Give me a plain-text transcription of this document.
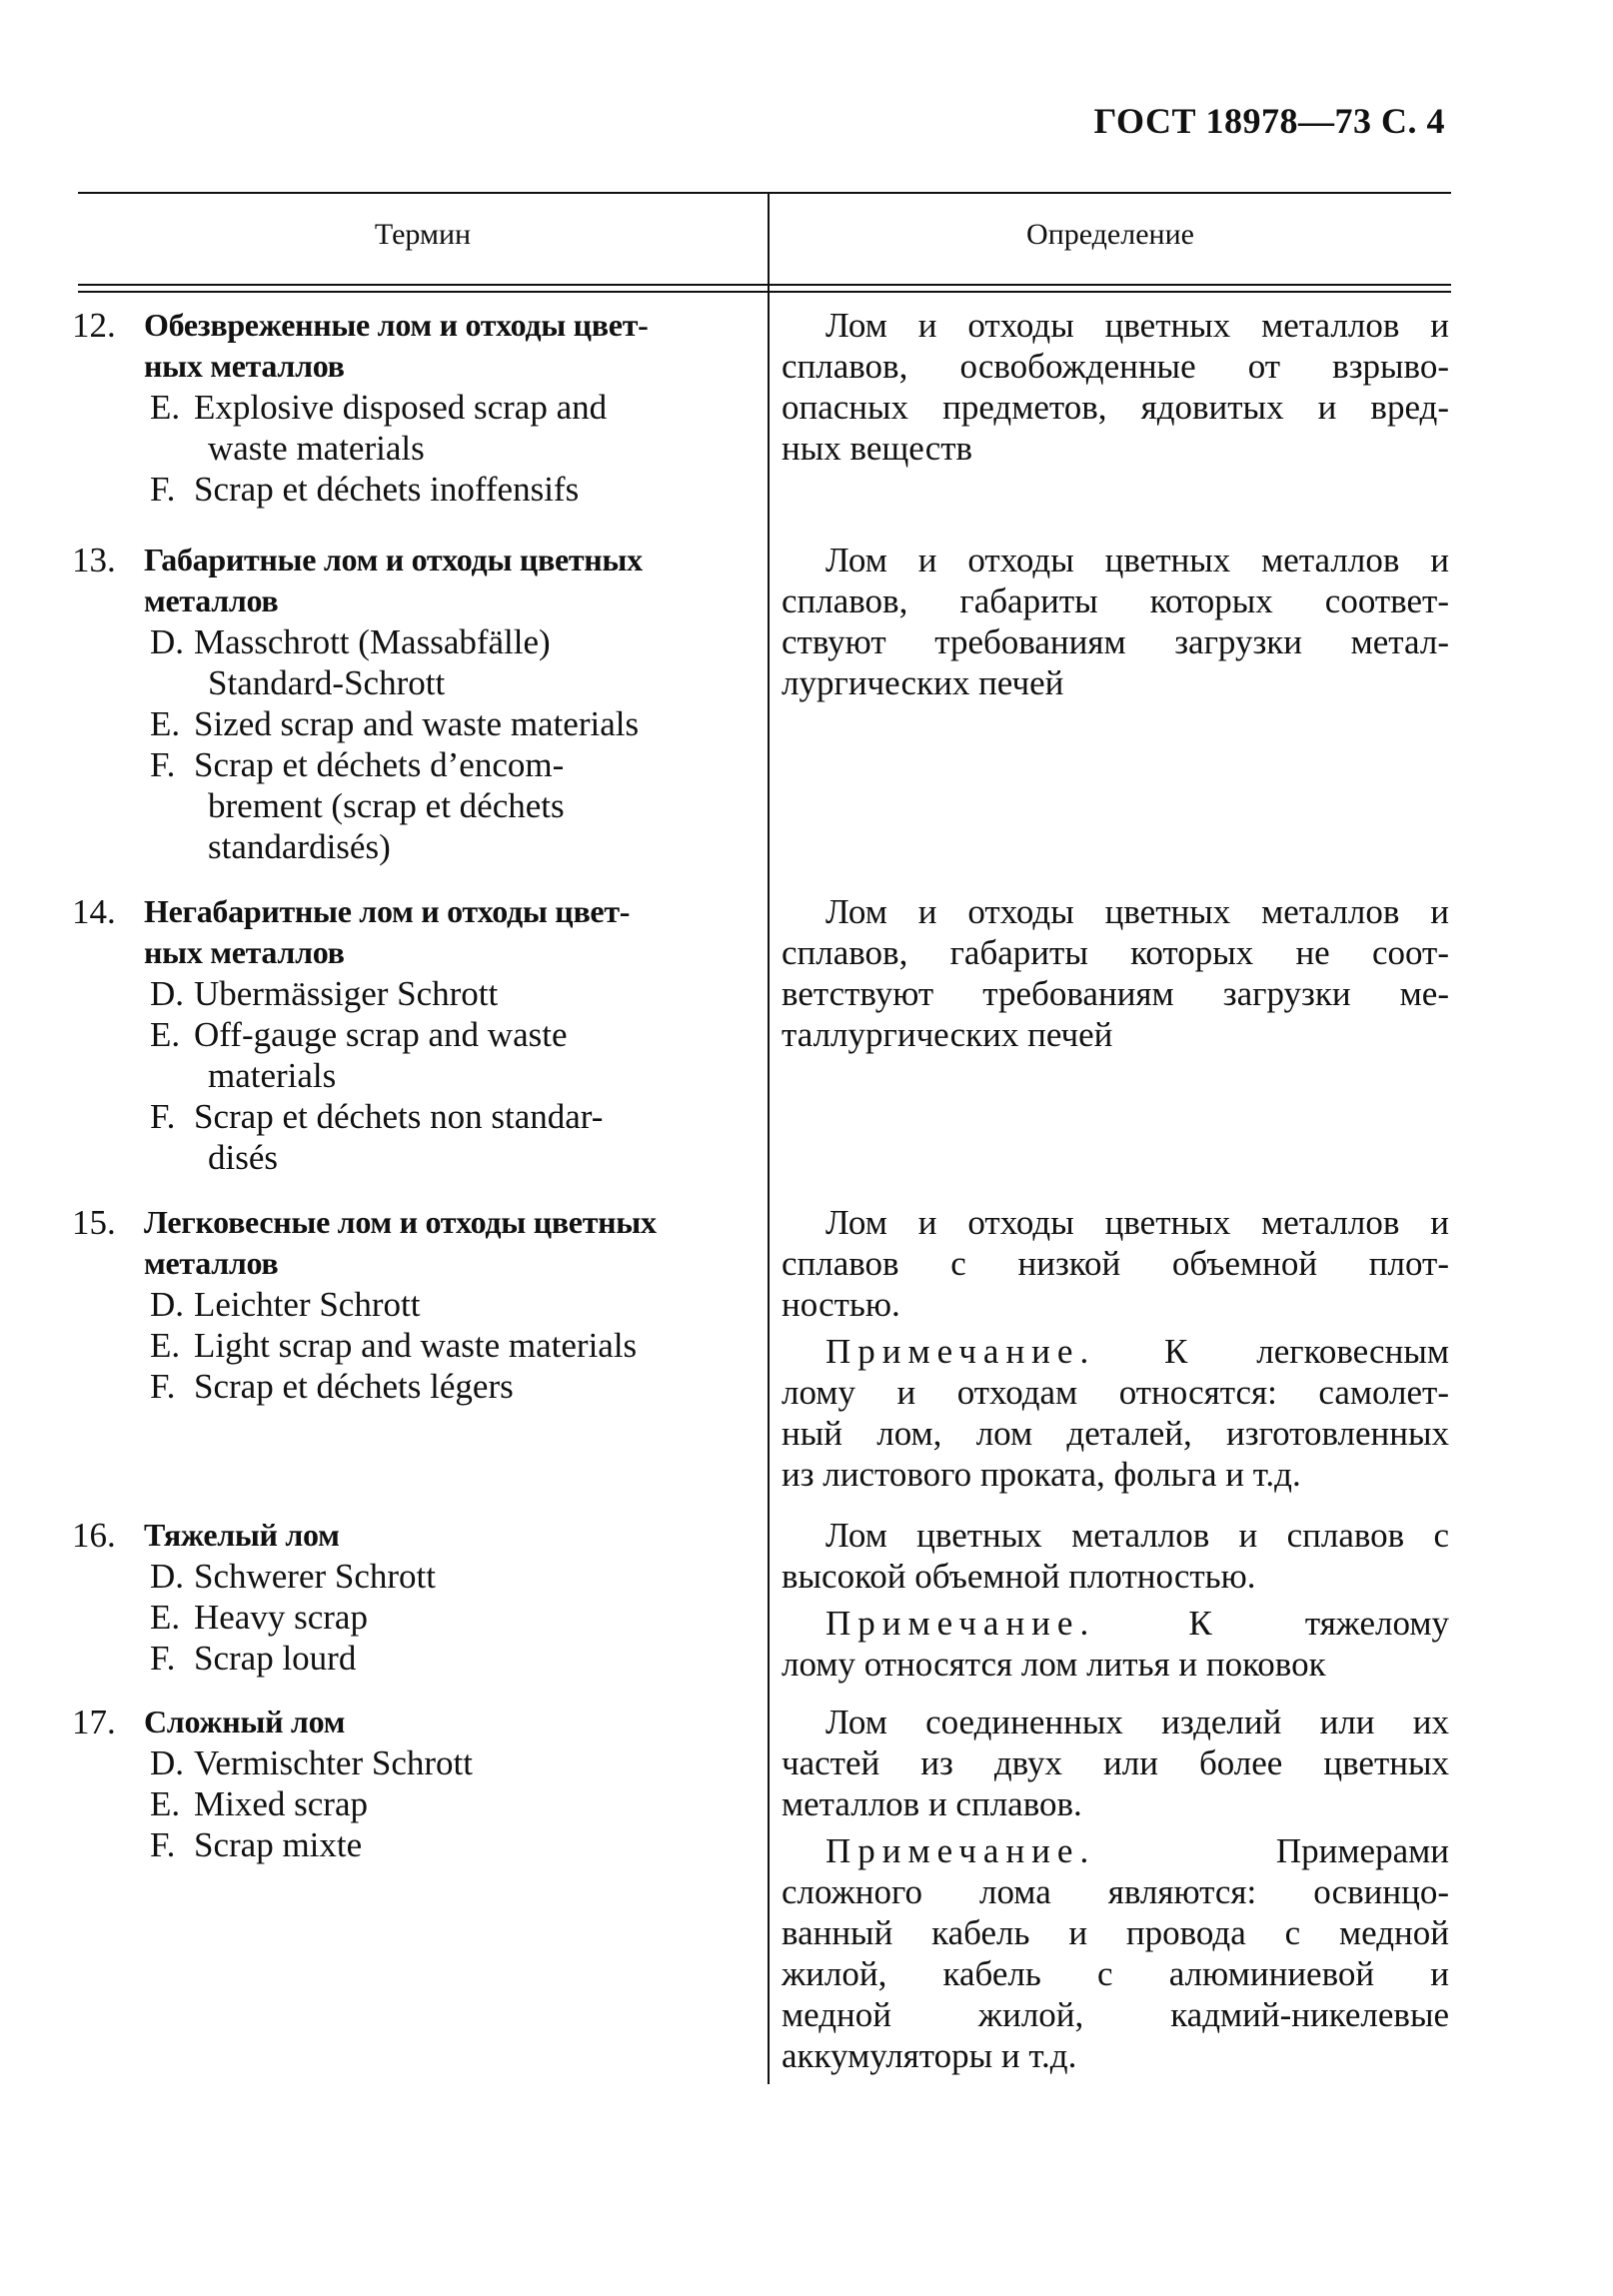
ГОСТ 18978—73 С. 4
Термин	Определение
12. Обезвреженные лом и отходы цвет-
ных металлов
E. Explosive disposed scrap and
waste materials
F. Scrap et déchets inoffensifs
Лом и отходы цветных металлов и
сплавов, освобожденные от взрыво-
опасных предметов, ядовитых и вред-
ных веществ
13. Габаритные лом и отходы цветных
металлов
D. Masschrott (Massabfälle)
Standard-Schrott
E. Sized scrap and waste materials
F. Scrap et déchets d’encom-
brement (scrap et déchets
standardisés)
Лом и отходы цветных металлов и
сплавов, габариты которых соответ-
ствуют требованиям загрузки метал-
лургических печей
14. Негабаритные лом и отходы цвет-
ных металлов
D. Ubermässiger Schrott
E. Off-gauge scrap and waste
materials
F. Scrap et déchets non standar-
disés
Лом и отходы цветных металлов и
сплавов, габариты которых не соот-
ветствуют требованиям загрузки ме-
таллургических печей
15. Легковесные лом и отходы цветных
металлов
D. Leichter Schrott
E. Light scrap and waste materials
F. Scrap et déchets légers
Лом и отходы цветных металлов и
сплавов с низкой объемной плот-
ностью.
Примечание. К легковесным
лому и отходам относятся: самолет-
ный лом, лом деталей, изготовленных
из листового проката, фольга и т.д.
16. Тяжелый лом
D. Schwerer Schrott
E. Heavy scrap
F. Scrap lourd
Лом цветных металлов и сплавов с
высокой объемной плотностью.
Примечание. К тяжелому
лому относятся лом литья и поковок
17. Сложный лом
D. Vermischter Schrott
E. Mixed scrap
F. Scrap mixte
Лом соединенных изделий или их
частей из двух или более цветных
металлов и сплавов.
Примечание. Примерами
сложного лома являются: освинцо-
ванный кабель и провода с медной
жилой, кабель с алюминиевой и
медной жилой, кадмий-никелевые
аккумуляторы и т.д.
